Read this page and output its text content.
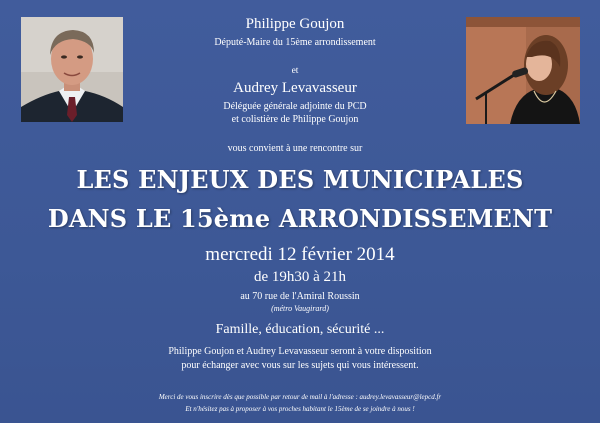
Philippe Goujon
Député-Maire du 15ème arrondissement
et
Audrey Levavasseur
Déléguée générale adjointe du PCD
et colistière de Philippe Goujon
vous convient à une rencontre sur
LES ENJEUX DES MUNICIPALES
DANS LE 15ème ARRONDISSEMENT
mercredi 12 février 2014
de 19h30 à 21h
au 70 rue de l'Amiral Roussin
(métro Vaugirard)
Famille, éducation, sécurité ...
Philippe Goujon et Audrey Levavasseur seront à votre disposition
pour échanger avec vous sur les sujets qui vous intéressent.
Merci de vous inscrire dès que possible par retour de mail à l'adresse : audrey.levavasseur@lepcd.fr
Et n'hésitez pas à proposer à vos proches habitant le 15ème de se joindre à nous !
